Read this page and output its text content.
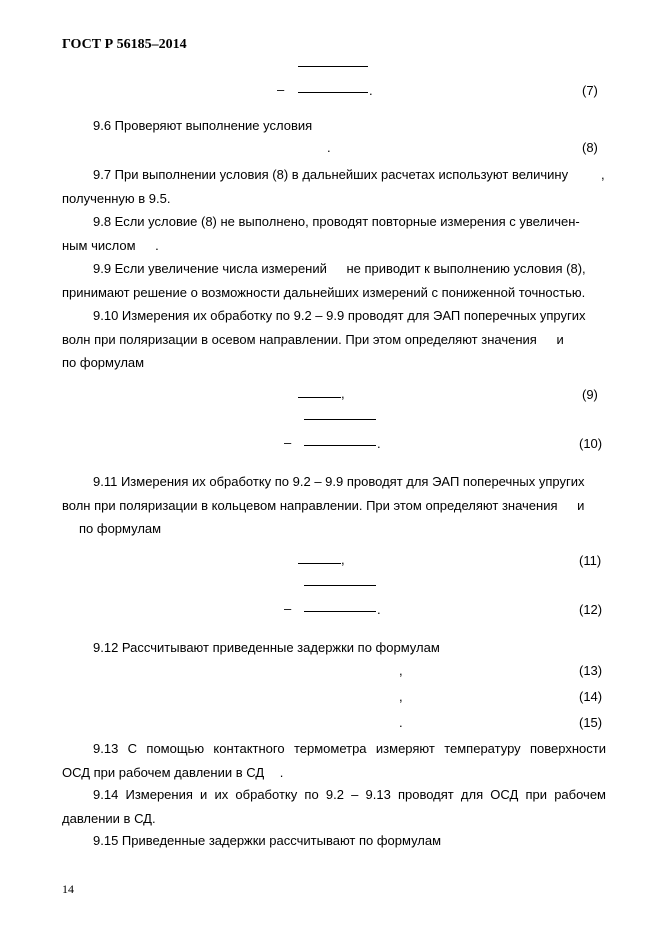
ГОСТ Р 56185–2014
–	.	(7)
9.6 Проверяют выполнение условия
.	(8)
9.7 При выполнении условия (8) в дальнейших расчетах используют величину	,
полученную в 9.5.
9.8 Если условие (8) не выполнено, проводят повторные измерения с увеличен-
ным числом .
9.9 Если увеличение числа измерений не приводит к выполнению условия (8),
принимают решение о возможности дальнейших измерений с пониженной точностью.
9.10 Измерения их обработку по 9.2 – 9.9 проводят для ЭАП поперечных упругих
волн при поляризации в осевом направлении. При этом определяют значения и
по формулам
,	(9)
–	.	(10)
9.11 Измерения их обработку по 9.2 – 9.9 проводят для ЭАП поперечных упругих
волн при поляризации в кольцевом направлении. При этом определяют значения и
по формулам
,	(11)
–	.	(12)
9.12 Рассчитывают приведенные задержки по формулам
,	(13)
,	(14)
.	(15)
9.13 С помощью контактного термометра измеряют температуру поверхности
ОСД при рабочем давлении в СД .
9.14 Измерения и их обработку по 9.2 – 9.13 проводят для ОСД при рабочем
давлении в СД.
9.15 Приведенные задержки рассчитывают по формулам
14
